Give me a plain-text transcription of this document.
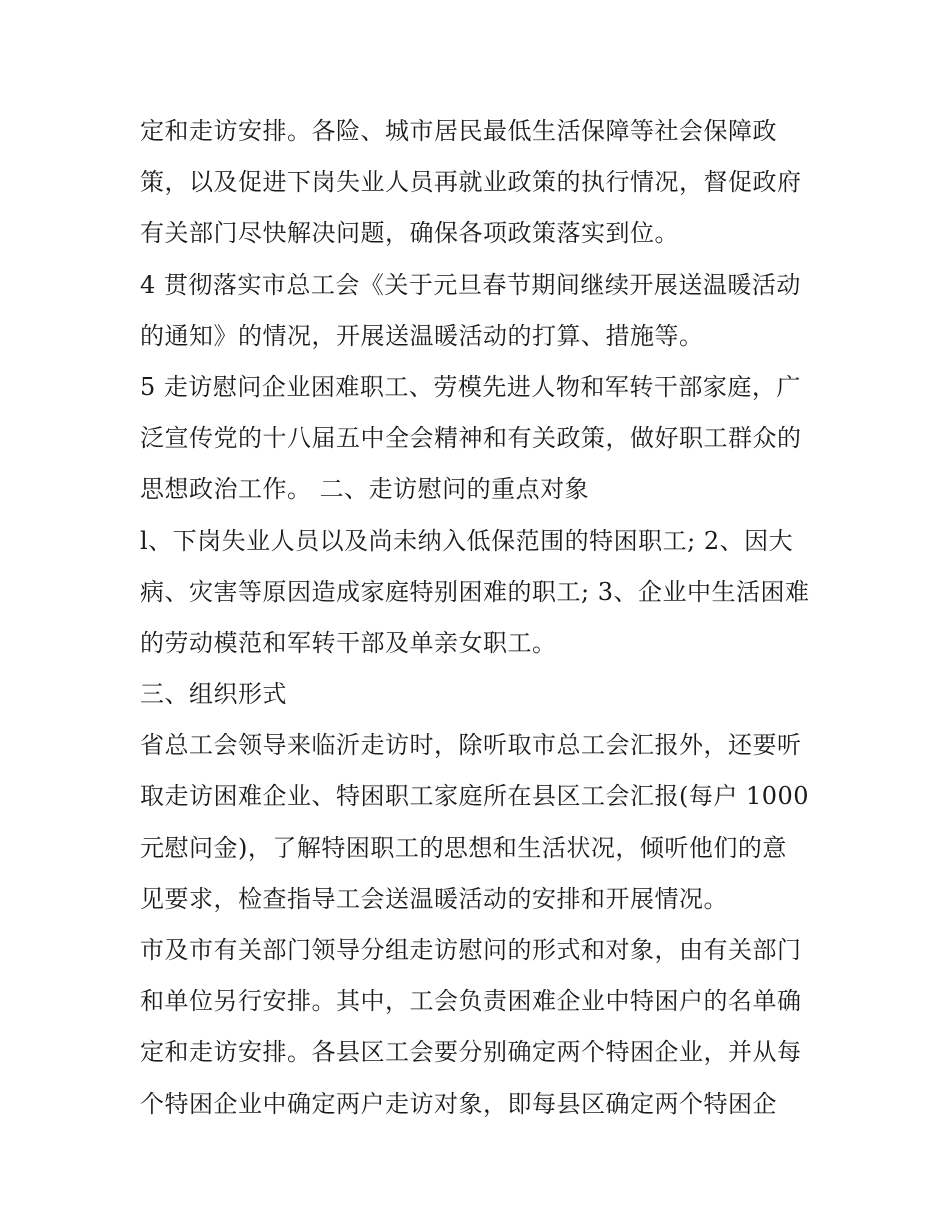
定和走访安排。各险、城市居民最低生活保障等社会保障政
策，以及促进下岗失业人员再就业政策的执行情况，督促政府
有关部门尽快解决问题，确保各项政策落实到位。
4 贯彻落实市总工会《关于元旦春节期间继续开展送温暖活动
的通知》的情况，开展送温暖活动的打算、措施等。
5 走访慰问企业困难职工、劳模先进人物和军转干部家庭，广
泛宣传党的十八届五中全会精神和有关政策，做好职工群众的
思想政治工作。 二、走访慰问的重点对象
l、下岗失业人员以及尚未纳入低保范围的特困职工; 2、因大
病、灾害等原因造成家庭特别困难的职工; 3、企业中生活困难
的劳动模范和军转干部及单亲女职工。
三、组织形式
省总工会领导来临沂走访时，除听取市总工会汇报外，还要听
取走访困难企业、特困职工家庭所在县区工会汇报(每户 1000
元慰问金)，了解特困职工的思想和生活状况，倾听他们的意
见要求，检查指导工会送温暖活动的安排和开展情况。
市及市有关部门领导分组走访慰问的形式和对象，由有关部门
和单位另行安排。其中，工会负责困难企业中特困户的名单确
定和走访安排。各县区工会要分别确定两个特困企业，并从每
个特困企业中确定两户走访对象，即每县区确定两个特困企
